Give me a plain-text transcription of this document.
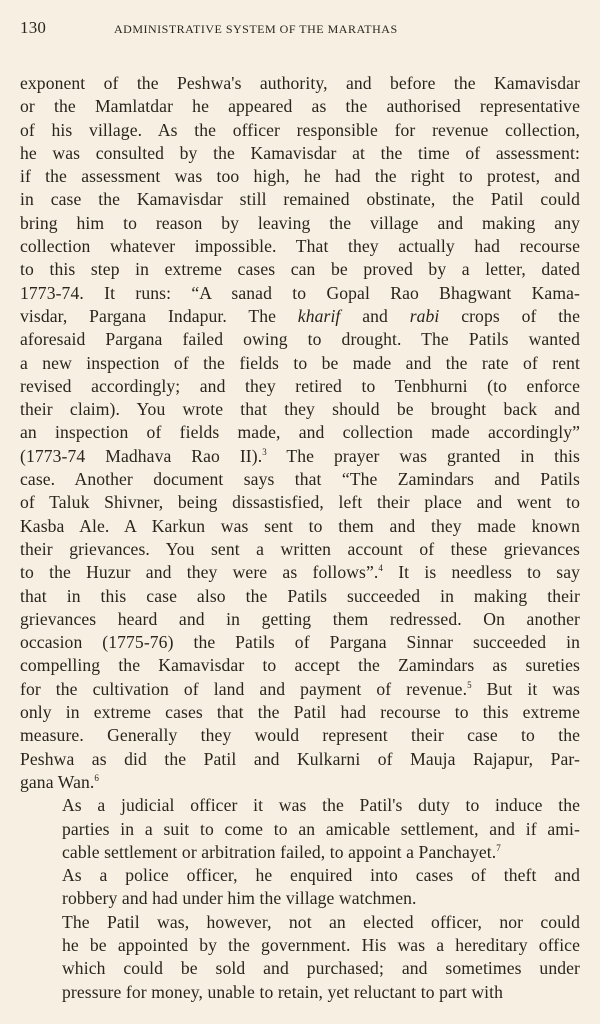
130	ADMINISTRATIVE SYSTEM OF THE MARATHAS
exponent of the Peshwa's authority, and before the Kamavisdar
or the Mamlatdar he appeared as the authorised representative
of his village. As the officer responsible for revenue collection,
he was consulted by the Kamavisdar at the time of assessment:
if the assessment was too high, he had the right to protest, and
in case the Kamavisdar still remained obstinate, the Patil could
bring him to reason by leaving the village and making any
collection whatever impossible. That they actually had recourse
to this step in extreme cases can be proved by a letter, dated
1773-74. It runs: “A sanad to Gopal Rao Bhagwant Kama-
visdar, Pargana Indapur. The kharif and rabi crops of the
aforesaid Pargana failed owing to drought. The Patils wanted
a new inspection of the fields to be made and the rate of rent
revised accordingly; and they retired to Tenbhurni (to enforce
their claim). You wrote that they should be brought back and
an inspection of fields made, and collection made accordingly”
(1773-74 Madhava Rao II).$^3$ The prayer was granted in this
case. Another document says that “The Zamindars and Patils
of Taluk Shivner, being dissastisfied, left their place and went to
Kasba Ale. A Karkun was sent to them and they made known
their grievances. You sent a written account of these grievances
to the Huzur and they were as follows”.$^4$ It is needless to say
that in this case also the Patils succeeded in making their
grievances heard and in getting them redressed. On another
occasion (1775-76) the Patils of Pargana Sinnar succeeded in
compelling the Kamavisdar to accept the Zamindars as sureties
for the cultivation of land and payment of revenue.$^5$ But it was
only in extreme cases that the Patil had recourse to this extreme
measure. Generally they would represent their case to the
Peshwa as did the Patil and Kulkarni of Mauja Rajapur, Par-
gana Wan.$^6$
As a judicial officer it was the Patil's duty to induce the
parties in a suit to come to an amicable settlement, and if ami-
cable settlement or arbitration failed, to appoint a Panchayet.$^7$
As a police officer, he enquired into cases of theft and
robbery and had under him the village watchmen.
The Patil was, however, not an elected officer, nor could
he be appointed by the government. His was a hereditary office
which could be sold and purchased; and sometimes under
pressure for money, unable to retain, yet reluctant to part with
